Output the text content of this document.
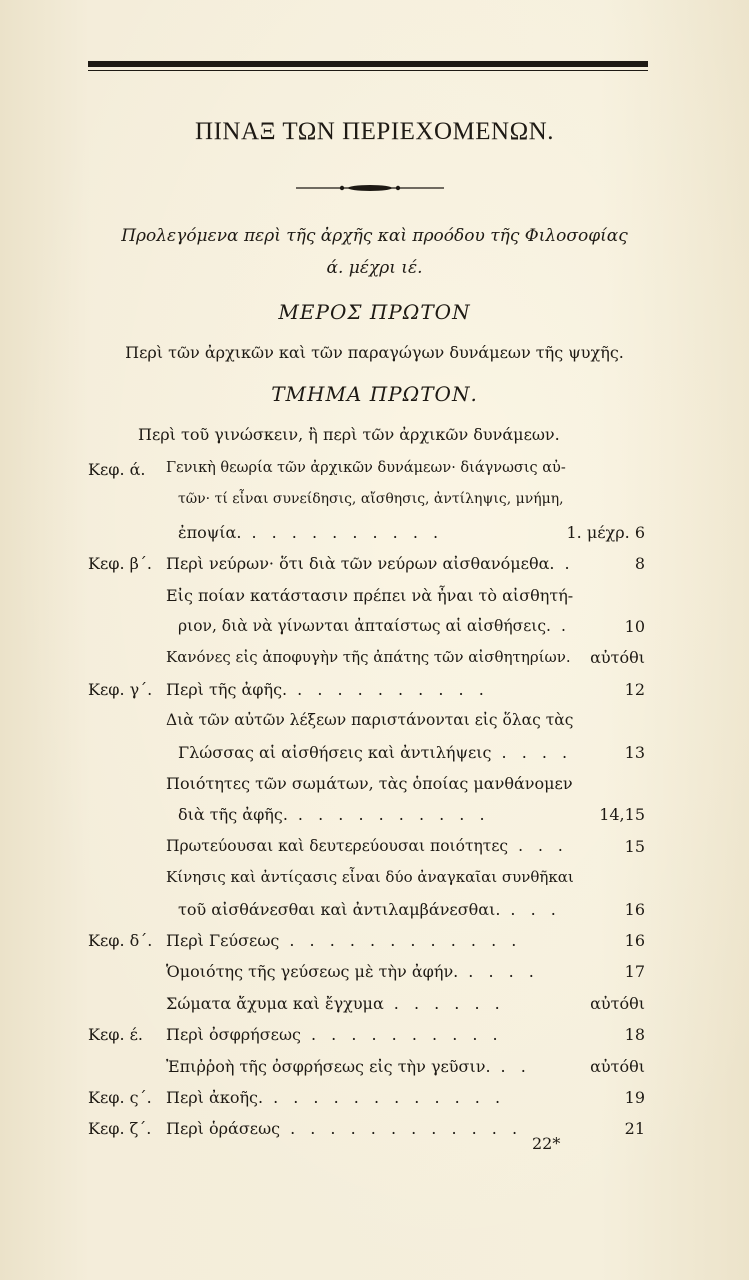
ΠΙΝΑΞ ΤΩΝ ΠΕΡΙΕΧΟΜΕΝΩΝ.
Προλεγόμενα περὶ τῆς ἀρχῆς καὶ προόδου τῆς Φιλοσοφίας
ά. μέχρι ιέ.
ΜΕΡΟΣ ΠΡΩΤΟΝ
Περὶ τῶν ἀρχικῶν καὶ τῶν παραγώγων δυνάμεων τῆς ψυχῆς.
ΤΜΗΜΑ ΠΡΩΤΟΝ.
Περὶ τοῦ γινώσκειν, ἢ περὶ τῶν ἀρχικῶν δυνάμεων.
Κεφ. ά. Γενικὴ θεωρία τῶν ἀρχικῶν δυνάμεων· διάγνωσις αὐ-
τῶν· τί εἶναι συνείδησις, αἴσθησις, ἀντίληψις, μνήμη,
ἐποψία. . . . . . . . . . .	1. μέχρ. 6
Κεφ. β΄. Περὶ νεύρων· ὅτι διὰ τῶν νεύρων αἰσθανόμεθα. .	8
Εἰς ποίαν κατάστασιν πρέπει νὰ ἦναι τὸ αἰσθητή-
ριον, διὰ νὰ γίνωνται ἀπταίστως αἱ αἰσθήσεις. .	10
Κανόνες εἰς ἀποφυγὴν τῆς ἀπάτης τῶν αἰσθητηρίων. αὐτόθι
Κεφ. γ΄. Περὶ τῆς ἀφῆς. . . . . . . . . . .	12
Διὰ τῶν αὐτῶν λέξεων παριστάνονται εἰς ὅλας τὰς
Γλώσσας αἱ αἰσθήσεις καὶ ἀντιλήψεις . . . .	13
Ποιότητες τῶν σωμάτων, τὰς ὁποίας μανθάνομεν
διὰ τῆς ἀφῆς. . . . . . . . . . .	14,15
Πρωτεύουσαι καὶ δευτερεύουσαι ποιότητες . . .	15
Κίνησις καὶ ἀντίςασις εἶναι δύο ἀναγκαῖαι συνθῆκαι
τοῦ αἰσθάνεσθαι καὶ ἀντιλαμβάνεσθαι. . . .	16
Κεφ. δ΄. Περὶ Γεύσεως . . . . . . . . . . . .	16
Ὁμοιότης τῆς γεύσεως μὲ τὴν ἀφήν. . . . .	17
Σώματα ἄχυμα καὶ ἔγχυμα . . . . . .	αὐτόθι
Κεφ. έ. Περὶ ὀσφρήσεως . . . . . . . . . .	18
Ἐπιῤῥοὴ τῆς ὀσφρήσεως εἰς τὴν γεῦσιν. . .	αὐτόθι
Κεφ. ς΄. Περὶ ἀκοῆς. . . . . . . . . . . . .	19
Κεφ. ζ΄. Περὶ ὁράσεως . . . . . . . . . . . .	21
22*
